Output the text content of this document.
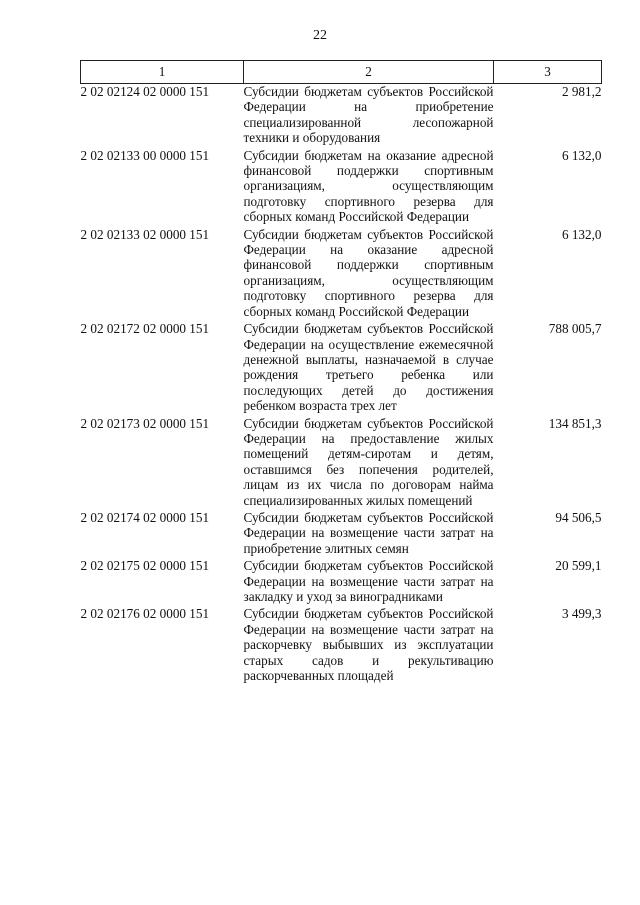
22
1	2	3
2 02 02124 02 0000 151	Субсидии бюджетам субъектов Российской Федерации на приобретение специализированной лесопожарной техники и оборудования	2 981,2
2 02 02133 00 0000 151	Субсидии бюджетам на оказание адресной финансовой поддержки спортивным организациям, осуществляющим подготовку спортивного резерва для сборных команд Российской Федерации	6 132,0
2 02 02133 02 0000 151	Субсидии бюджетам субъектов Российской Федерации на оказание адресной финансовой поддержки спортивным организациям, осуществляющим подготовку спортивного резерва для сборных команд Российской Федерации	6 132,0
2 02 02172 02 0000 151	Субсидии бюджетам субъектов Российской Федерации на осуществление ежемесячной денежной выплаты, назначаемой в случае рождения третьего ребенка или последующих детей до достижения ребенком возраста трех лет	788 005,7
2 02 02173 02 0000 151	Субсидии бюджетам субъектов Российской Федерации на предоставление жилых помещений детям-сиротам и детям, оставшимся без попечения родителей, лицам из их числа по договорам найма специализированных жилых помещений	134 851,3
2 02 02174 02 0000 151	Субсидии бюджетам субъектов Российской Федерации на возмещение части затрат на приобретение элитных семян	94 506,5
2 02 02175 02 0000 151	Субсидии бюджетам субъектов Российской Федерации на возмещение части затрат на закладку и уход за виноградниками	20 599,1
2 02 02176 02 0000 151	Субсидии бюджетам субъектов Российской Федерации на возмещение части затрат на раскорчевку выбывших из эксплуатации старых садов и рекультивацию раскорчеванных площадей	3 499,3
